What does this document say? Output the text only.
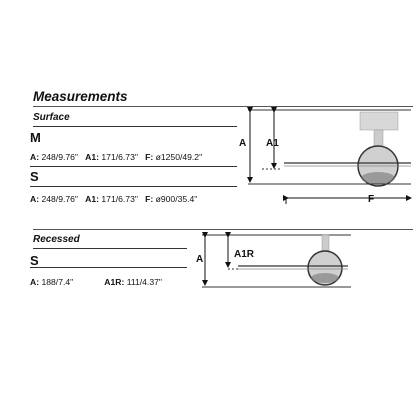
Measurements
Surface
M
A: 248/9.76" A1: 171/6.73" F: ø1250/49.2"
S
A: 248/9.76" A1: 171/6.73" F: ø900/35.4"
A A1
F
Recessed
S
A: 188/7.4"	A1R: 111/4.37"
A	A1R
